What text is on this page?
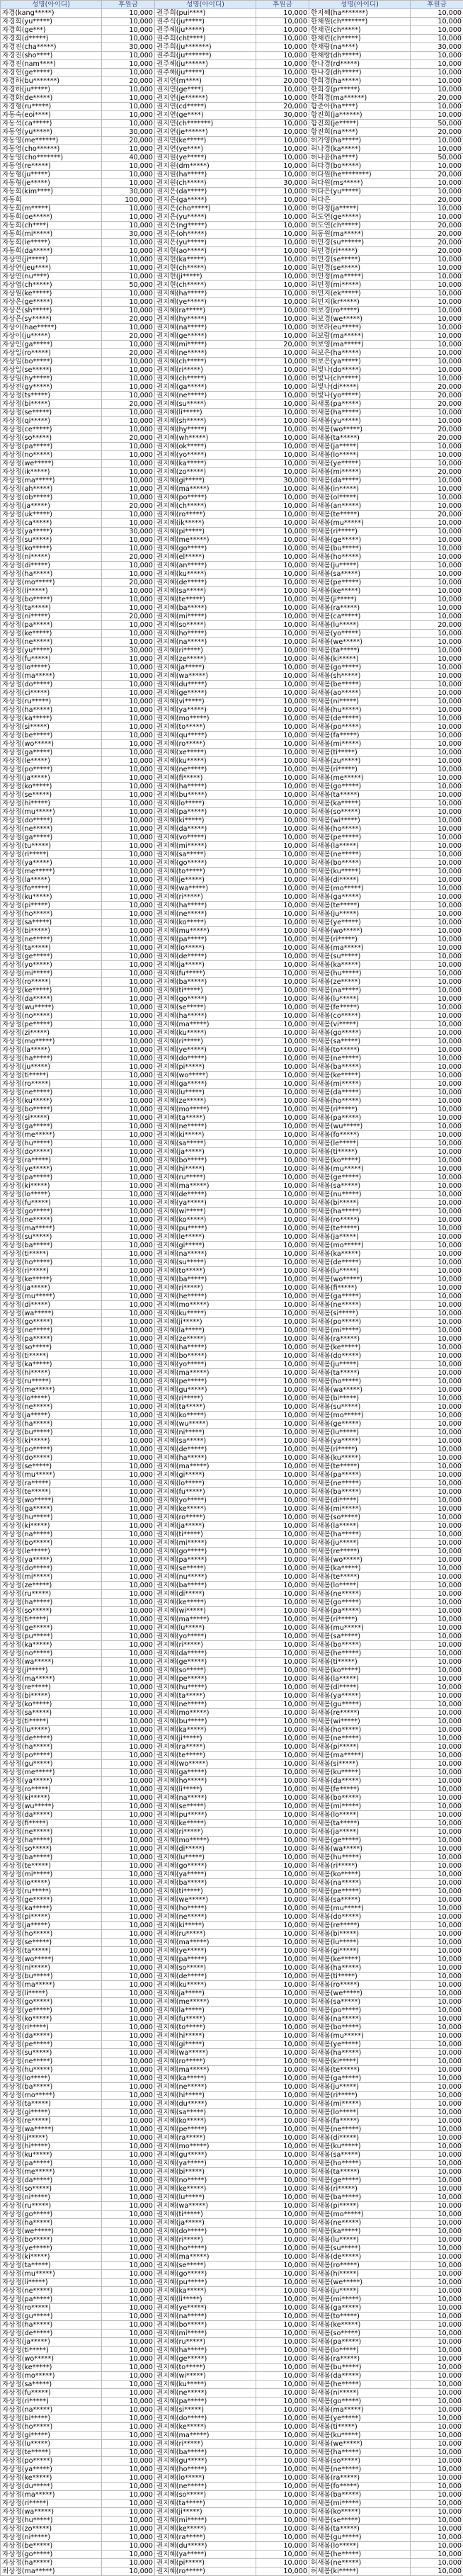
성명(아이디)	후원금	성명(아이디)	후원금	성명(아이디)	후원금
자경(kang*****)	10,000	권주희(pui****)	10,000	한지혜(ha*******)	10,000
자경희(yu*****)	10,000	권주식(ju*****)	10,000	한채원(ch*******)	10,000
자경희(ge***)	10,000	권주헤(ju*****)	10,000	한채린(ch*****)	10,000
자경희(d*****)	10,000	권주희(cht****)	10,000	한채린(ch*****)	10,000
자경진(cha*****)	30,000	권주희(ju*******)	10,000	한채랑(na****)	30,000
자경진(sho****)	10,000	권주희(ju*******)	10,000	한채랑(dh*****)	10,000
자경진(nam****)	10,000	권주헤(ju******)	10,000	한나경(rd*****)	10,000
자경헌(ge*****)	10,000	권주해(ju*****)	10,000	한나경(dh*****)	10,000
자경하(bu*******)	20,000	권지연(m****)	20,000	한희경(ha*****)	10,000
자경하(ju*****)	10,000	권지연(ge****)	10,000	한희경(pr*****)	10,000
자경화(de*****)	10,000	권지연(je******)	10,000	한희경(ma******)	20,000
자경형(ru*****)	10,000	권지연(cd*****)	20,000	함준아(ha****)	10,000
자동숙(eoi****)	10,000	권지연(ge****)	30,000	함진희(ja******)	10,000
자동석(ca*****)	10,000	권지연(ch*******)	10,000	함진희(je*****)	50,000
자동영(yu*****)	30,000	권지연(je******)	10,000	함진희(na****)	20,000
자동영(me******)	20,000	권지연(ke*****)	10,000	허가영(ha*****)	10,000
자동영(cho******)	10,000	권지연(ye****)	10,000	허나경(ka*****)	10,000
자동영(cho*******)	40,000	권지원(ye*****)	10,000	허나윤(ha****)	50,000
자동영(re*****)	10,000	권지원(dm*****)	10,000	허다경(bo*****)	10,000
자동형(ju*****)	10,000	권지원(ha*****)	10,000	허다원(he********)	20,000
자동형(je*****)	10,000	권지원(ch*****)	30,000	허다원(ms*****)	10,000
자동희(kim****)	30,000	권지은(da*****)	10,000	허다은(yu*****)	10,000
자동희	100,000	권지은(ga*****)	10,000	허다은	20,000
자동희(m*****)	10,000	권지은(cho*****)	10,000	허다정(ja*****)	10,000
자동희(oe*****)	10,000	권지은(yu*****)	10,000	허도연(ge*****)	10,000
자동희(ch****)	10,000	권지은(ng*****)	10,000	허도연(ch*****)	20,000
자동희(mi*****)	30,000	권지은(oh*****)	10,000	허동원(ma*****)	20,000
자동희(le*****)	10,000	권지은(yu*****)	10,000	허민경(su******)	20,000
자동희(da*****)	10,000	권지현(ao*****)	10,000	허민경(ri*****)	20,000
자상연(ji*****)	10,000	권지현(ka*****)	10,000	허민경(se*****)	10,000
자상연(jeu****)	10,000	권지현(ch*****)	10,000	허민경(se*****)	10,000
자상연(nu****)	10,000	권지현(ji*****)	10,000	허민정(ma*****)	10,000
자상엽(ch*****)	50,000	권지현(ch*****)	10,000	허민정(mi*****)	10,000
자상원(ke*****)	10,000	권지혜(ha*****)	10,000	허민지(ek*****)	10,000
자상은(ge*****)	10,000	권지혜(ye*****)	10,000	허민지(kr*****)	10,000
자상은(sh*****)	10,000	권지혜(ra*****)	10,000	허보경(ro*****)	10,000
자상은(sy*****)	20,000	권지혜(hy*****)	10,000	허보경(we*****)	10,000
자상이(hae*****)	10,000	권지혜(na*****)	10,000	허보라(eu*****)	10,000
자상이(ju*****)	20,000	권지혜(ge*****)	10,000	허보람(ma*****)	10,000
자상인(ga*****)	10,000	권지혜(mi*****)	20,000	허보영(ma*****)	10,000
자상일(ro*****)	20,000	권지혜(ne*****)	10,000	허보은(ha*****)	10,000
자상일(bo*****)	10,000	권지혜(ch*****)	10,000	허보은(ya*****)	10,000
자상일(se*****)	10,000	권지혜(ri*****)	10,000	허빛나(do*****)	10,000
자상임(hy*****)	10,000	권지혜(ch*****)	10,000	허빛나(ch*****)	10,000
자상전(gy*****)	10,000	권지혜(ga*****)	10,000	허빛나(di*****)	20,000
자상정(ts*****)	10,000	권지혜(ne*****)	10,000	허빛나(yo*****)	20,000
자상정(bi*****)	20,000	권지혜(su*****)	10,000	허새롬(pa*****)	20,000
자상정(se*****)	10,000	권지혜(li*****)	10,000	허새봄(ha*****)	10,000
자상정(qi*****)	10,000	권지혜(sh*****)	10,000	허새봄(yu*****)	10,000
자상정(ce*****)	10,000	권지혜(hy*****)	10,000	허새봄(wo*****)	20,000
자상정(so*****)	20,000	권지혜(wh*****)	10,000	허새봄(ta*****)	20,000
자상정(pa*****)	10,000	권지혜(ok*****)	10,000	허새봄(ja*****)	10,000
자상정(no*****)	10,000	권지혜(yo*****)	10,000	허새봄(lo*****)	10,000
자상정(we*****)	10,000	권지혜(ka*****)	10,000	허새봄(ye*****)	10,000
자상정(ik*****)	10,000	권지혜(zo*****)	10,000	허새봄(mi*****)	20,000
자상정(ma*****)	10,000	권지혜(gi*****)	30,000	허새봄(da*****)	10,000
자상정(ah*****)	10,000	권지혜(ma*****)	10,000	허새봄(in*****)	10,000
자상정(ob*****)	10,000	권지혜(po*****)	10,000	허새봄(ol*****)	10,000
자상정(ja*****)	20,000	권지혜(ch*****)	10,000	허새봄(an*****)	10,000
자상정(uk*****)	10,000	권지혜(ro*****)	10,000	허새봄(te*****)	20,000
자상정(ca*****)	10,000	권지혜(ik*****)	10,000	허새봄(mu*****)	10,000
자상정(ya*****)	30,000	권지혜(pi*****)	10,000	허새봄(ri*****)	10,000
자상정(su*****)	10,000	권지혜(me*****)	10,000	허새봄(ge*****)	10,000
자상정(ko*****)	10,000	권지혜(go*****)	10,000	허새봄(bu*****)	10,000
자상정(ni*****)	20,000	권지혜(el*****)	10,000	허새봄(ho*****)	10,000
자상정(di*****)	10,000	권지혜(an*****)	10,000	허새봄(ju*****)	10,000
자상정(ha*****)	10,000	권지혜(ku*****)	10,000	허새봄(sa*****)	10,000
자상정(mo*****)	20,000	권지혜(de*****)	10,000	허새봄(pe*****)	10,000
자상정(li*****)	10,000	권지혜(sa*****)	10,000	허새봄(ke*****)	10,000
자상정(bo*****)	10,000	권지혜(te*****)	10,000	허새봄(ji*****)	10,000
자상정(ta*****)	10,000	권지혜(ba*****)	10,000	허새봄(ra*****)	10,000
자상정(ni*****)	20,000	권지혜(mi*****)	10,000	허새봄(ca*****)	10,000
자상정(pa*****)	10,000	권지혜(so*****)	10,000	허새봄(lu*****)	20,000
자상정(ke*****)	10,000	권지혜(ho*****)	10,000	허새봄(yo*****)	10,000
자상정(ne*****)	10,000	권지혜(na*****)	10,000	허새봄(we*****)	10,000
자상정(yu*****)	30,000	권지혜(ri*****)	10,000	허새봄(ta*****)	10,000
자상정(fu*****)	10,000	권지혜(ze*****)	10,000	허새봄(ki*****)	10,000
자상정(lo*****)	10,000	권지혜(ja*****)	10,000	허새봄(go*****)	10,000
자상정(ma*****)	10,000	권지혜(wa*****)	10,000	허새봄(sh*****)	10,000
자상정(do*****)	10,000	권지혜(du*****)	10,000	허새봄(be*****)	10,000
자상정(ci*****)	10,000	권지혜(ge*****)	10,000	허새봄(ao*****)	10,000
자상정(ru*****)	10,000	권지혜(vi*****)	10,000	허새봄(ni*****)	10,000
자상정(ha*****)	10,000	권지혜(ya*****)	10,000	허새봄(hu*****)	10,000
자상정(ka*****)	10,000	권지혜(mo*****)	10,000	허새봄(de*****)	10,000
자상정(si*****)	10,000	권지혜(to*****)	10,000	허새봄(po*****)	10,000
자상정(be*****)	10,000	권지혜(qu*****)	10,000	허새봄(fa*****)	10,000
자상정(wo*****)	10,000	권지혜(ro*****)	10,000	허새봄(mi*****)	10,000
자상정(ga*****)	10,000	권지혜(xe*****)	10,000	허새봄(ti*****)	10,000
자상정(le*****)	10,000	권지혜(ku*****)	10,000	허새봄(zu*****)	10,000
자상정(po*****)	10,000	권지혜(ne*****)	10,000	허새봄(ri*****)	10,000
자상정(ja*****)	10,000	권지혜(fi*****)	10,000	허새봄(me*****)	10,000
자상정(ko*****)	10,000	권지혜(ha*****)	10,000	허새봄(go*****)	10,000
자상정(se*****)	10,000	권지혜(bu*****)	10,000	허새봄(ta*****)	10,000
자상정(hi*****)	10,000	권지혜(lo*****)	10,000	허새봄(ka*****)	10,000
자상정(mu*****)	10,000	권지혜(pa*****)	10,000	허새봄(so*****)	10,000
자상정(do*****)	10,000	권지혜(ki*****)	10,000	허새봄(wi*****)	10,000
자상정(ne*****)	10,000	권지혜(da*****)	10,000	허새봄(ho*****)	10,000
자상정(ga*****)	10,000	권지혜(vo*****)	10,000	허새봄(pe*****)	10,000
자상정(tu*****)	10,000	권지혜(mi*****)	10,000	허새봄(la*****)	10,000
자상정(ri*****)	10,000	권지혜(sa*****)	10,000	허새봄(ne*****)	10,000
자상정(ya*****)	10,000	권지혜(go*****)	10,000	허새봄(bo*****)	10,000
자상정(me*****)	10,000	권지혜(to*****)	10,000	허새봄(ku*****)	10,000
자상정(la*****)	10,000	권지혜(je*****)	10,000	허새봄(di*****)	10,000
자상정(fo*****)	10,000	권지혜(wa*****)	10,000	허새봄(mo*****)	10,000
자상정(ku*****)	10,000	권지혜(ri*****)	10,000	허새봄(ga*****)	10,000
자상정(pi*****)	10,000	권지혜(ha*****)	10,000	허새봄(te*****)	10,000
자상정(ho*****)	10,000	권지혜(ne*****)	10,000	허새봄(ju*****)	10,000
자상정(sa*****)	10,000	권지혜(ko*****)	10,000	허새봄(ye*****)	10,000
자상정(bi*****)	10,000	권지혜(mu*****)	10,000	허새봄(wo*****)	10,000
자상정(ne*****)	10,000	권지혜(pa*****)	10,000	허새봄(ri*****)	10,000
자상정(ta*****)	10,000	권지혜(lo*****)	10,000	허새봄(ma*****)	10,000
자상정(ge*****)	10,000	권지혜(de*****)	10,000	허새봄(su*****)	10,000
자상정(yo*****)	10,000	권지혜(ja*****)	10,000	허새봄(ka*****)	10,000
자상정(mi*****)	10,000	권지혜(fu*****)	10,000	허새봄(hu*****)	10,000
자상정(ro*****)	10,000	권지혜(ba*****)	10,000	허새봄(ze*****)	10,000
자상정(ke*****)	10,000	권지혜(ti*****)	10,000	허새봄(na*****)	10,000
자상정(da*****)	10,000	권지혜(go*****)	10,000	허새봄(lu*****)	10,000
자상정(wu*****)	10,000	권지혜(se*****)	10,000	허새봄(fe*****)	10,000
자상정(no*****)	10,000	권지혜(ha*****)	10,000	허새봄(co*****)	10,000
자상정(pe*****)	10,000	권지혜(ma*****)	10,000	허새봄(vi*****)	10,000
자상정(zi*****)	10,000	권지혜(ku*****)	10,000	허새봄(go*****)	10,000
자상정(mo*****)	10,000	권지혜(ri*****)	10,000	허새봄(sa*****)	10,000
자상정(la*****)	10,000	권지혜(ye*****)	10,000	허새봄(to*****)	10,000
자상정(ha*****)	10,000	권지혜(do*****)	10,000	허새봄(ne*****)	10,000
자상정(ju*****)	10,000	권지혜(pi*****)	10,000	허새봄(ba*****)	10,000
자상정(ti*****)	10,000	권지혜(wo*****)	10,000	허새봄(ke*****)	10,000
자상정(ro*****)	10,000	권지혜(ga*****)	10,000	허새봄(mi*****)	10,000
자상정(ne*****)	10,000	권지혜(lu*****)	10,000	허새봄(da*****)	10,000
자상정(ku*****)	10,000	권지혜(ze*****)	10,000	허새봄(ho*****)	10,000
자상정(bo*****)	10,000	권지혜(mo*****)	10,000	허새봄(ri*****)	10,000
자상정(si*****)	10,000	권지혜(ta*****)	10,000	허새봄(pa*****)	10,000
자상정(ga*****)	10,000	권지혜(ne*****)	10,000	허새봄(wu*****)	10,000
자상정(me*****)	10,000	권지혜(ki*****)	10,000	허새봄(fo*****)	10,000
자상정(hu*****)	10,000	권지혜(sa*****)	10,000	허새봄(le*****)	10,000
자상정(do*****)	10,000	권지혜(ja*****)	10,000	허새봄(ti*****)	10,000
자상정(ra*****)	10,000	권지혜(bo*****)	10,000	허새봄(ko*****)	10,000
자상정(ye*****)	10,000	권지혜(hi*****)	10,000	허새봄(mu*****)	10,000
자상정(pa*****)	10,000	권지혜(ru*****)	10,000	허새봄(ge*****)	10,000
자상정(ki*****)	10,000	권지혜(ma*****)	10,000	허새봄(sa*****)	10,000
자상정(lo*****)	10,000	권지혜(de*****)	10,000	허새봄(nu*****)	10,000
자상정(fu*****)	10,000	권지혜(ya*****)	10,000	허새봄(bi*****)	10,000
자상정(go*****)	10,000	권지혜(wi*****)	10,000	허새봄(ha*****)	10,000
자상정(ne*****)	10,000	권지혜(ko*****)	10,000	허새봄(ro*****)	10,000
자상정(ma*****)	10,000	권지혜(pu*****)	10,000	허새봄(te*****)	10,000
자상정(su*****)	10,000	권지혜(le*****)	10,000	허새봄(ja*****)	10,000
자상정(ba*****)	10,000	권지혜(gi*****)	10,000	허새봄(mo*****)	10,000
자상정(ti*****)	10,000	권지혜(na*****)	10,000	허새봄(ka*****)	10,000
자상정(ho*****)	10,000	권지혜(su*****)	10,000	허새봄(de*****)	10,000
자상정(ri*****)	10,000	권지혜(to*****)	10,000	허새봄(lu*****)	10,000
자상정(ke*****)	10,000	권지혜(ba*****)	10,000	허새봄(wo*****)	10,000
자상정(ja*****)	10,000	권지혜(ri*****)	10,000	허새봄(fi*****)	10,000
자상정(mu*****)	10,000	권지혜(he*****)	10,000	허새봄(ga*****)	10,000
자상정(di*****)	10,000	권지혜(mo*****)	10,000	허새봄(ne*****)	10,000
자상정(wa*****)	10,000	권지혜(ku*****)	10,000	허새봄(si*****)	10,000
자상정(go*****)	10,000	권지혜(ji*****)	10,000	허새봄(po*****)	10,000
자상정(ne*****)	10,000	권지혜(la*****)	10,000	허새봄(mi*****)	10,000
자상정(pa*****)	10,000	권지혜(ze*****)	10,000	허새봄(ra*****)	10,000
자상정(so*****)	10,000	권지혜(ha*****)	10,000	허새봄(ke*****)	10,000
자상정(ti*****)	10,000	권지혜(bo*****)	10,000	허새봄(do*****)	10,000
자상정(ka*****)	10,000	권지혜(yo*****)	10,000	허새봄(ju*****)	10,000
자상정(hi*****)	10,000	권지혜(ma*****)	10,000	허새봄(ta*****)	10,000
자상정(ru*****)	10,000	권지혜(pe*****)	10,000	허새봄(ho*****)	10,000
자상정(me*****)	10,000	권지혜(gu*****)	10,000	허새봄(wa*****)	10,000
자상정(lo*****)	10,000	권지혜(ri*****)	10,000	허새봄(bi*****)	10,000
자상정(ne*****)	10,000	권지혜(ta*****)	10,000	허새봄(su*****)	10,000
자상정(ja*****)	10,000	권지혜(ko*****)	10,000	허새봄(mo*****)	10,000
자상정(ha*****)	10,000	권지혜(wu*****)	10,000	허새봄(ge*****)	10,000
자상정(bu*****)	10,000	권지혜(ni*****)	10,000	허새봄(lu*****)	10,000
자상정(ki*****)	10,000	권지혜(sa*****)	10,000	허새봄(ya*****)	10,000
자상정(po*****)	10,000	권지혜(de*****)	10,000	허새봄(ri*****)	10,000
자상정(do*****)	10,000	권지혜(ha*****)	10,000	허새봄(ku*****)	10,000
자상정(se*****)	10,000	권지혜(ma*****)	10,000	허새봄(te*****)	10,000
자상정(mu*****)	10,000	권지혜(gi*****)	10,000	허새봄(pa*****)	10,000
자상정(ra*****)	10,000	권지혜(lo*****)	10,000	허새봄(ne*****)	10,000
자상정(te*****)	10,000	권지혜(fu*****)	10,000	허새봄(ba*****)	10,000
자상정(wo*****)	10,000	권지혜(yo*****)	10,000	허새봄(di*****)	10,000
자상정(ga*****)	10,000	권지혜(ke*****)	10,000	허새봄(mi*****)	10,000
자상정(hu*****)	10,000	권지혜(ro*****)	10,000	허새봄(so*****)	10,000
자상정(ki*****)	10,000	권지혜(ja*****)	10,000	허새봄(la*****)	10,000
자상정(na*****)	10,000	권지혜(ti*****)	10,000	허새봄(ha*****)	10,000
자상정(bo*****)	10,000	권지혜(mi*****)	10,000	허새봄(ju*****)	10,000
자상정(le*****)	10,000	권지혜(go*****)	10,000	허새봄(re*****)	10,000
자상정(ya*****)	10,000	권지혜(pa*****)	10,000	허새봄(wo*****)	10,000
자상정(do*****)	10,000	권지혜(se*****)	10,000	허새봄(ka*****)	10,000
자상정(mi*****)	10,000	권지혜(nu*****)	10,000	허새봄(te*****)	10,000
자상정(ze*****)	10,000	권지혜(ba*****)	10,000	허새봄(lo*****)	10,000
자상정(ru*****)	10,000	권지혜(di*****)	10,000	허새봄(ne*****)	10,000
자상정(ha*****)	10,000	권지혜(ke*****)	10,000	허새봄(go*****)	10,000
자상정(so*****)	10,000	권지혜(wi*****)	10,000	허새봄(pa*****)	10,000
자상정(ti*****)	10,000	권지혜(ma*****)	10,000	허새봄(ri*****)	10,000
자상정(ge*****)	10,000	권지혜(lu*****)	10,000	허새봄(mu*****)	10,000
자상정(pu*****)	10,000	권지혜(yo*****)	10,000	허새봄(sa*****)	10,000
자상정(ka*****)	10,000	권지혜(ri*****)	10,000	허새봄(bo*****)	10,000
자상정(no*****)	10,000	권지혜(da*****)	10,000	허새봄(he*****)	10,000
자상정(wa*****)	10,000	권지혜(ge*****)	10,000	허새봄(ti*****)	10,000
자상정(ji*****)	10,000	권지혜(so*****)	10,000	허새봄(ko*****)	10,000
자상정(ma*****)	10,000	권지혜(pe*****)	10,000	허새봄(la*****)	10,000
자상정(re*****)	10,000	권지혜(hu*****)	10,000	허새봄(di*****)	10,000
자상정(bi*****)	10,000	권지혜(ta*****)	10,000	허새봄(ya*****)	10,000
자상정(ko*****)	10,000	권지혜(ne*****)	10,000	허새봄(gu*****)	10,000
자상정(sa*****)	10,000	권지혜(mo*****)	10,000	허새봄(re*****)	10,000
자상정(ti*****)	10,000	권지혜(bu*****)	10,000	허새봄(wi*****)	10,000
자상정(lu*****)	10,000	권지혜(ka*****)	10,000	허새봄(ho*****)	10,000
자상정(de*****)	10,000	권지혜(ji*****)	10,000	허새봄(ne*****)	10,000
자상정(ha*****)	10,000	권지혜(ra*****)	10,000	허새봄(pi*****)	10,000
자상정(po*****)	10,000	권지혜(te*****)	10,000	허새봄(ma*****)	10,000
자상정(gu*****)	10,000	권지혜(wo*****)	10,000	허새봄(si*****)	10,000
자상정(me*****)	10,000	권지혜(ga*****)	10,000	허새봄(ku*****)	10,000
자상정(ya*****)	10,000	권지혜(ho*****)	10,000	허새봄(da*****)	10,000
자상정(ro*****)	10,000	권지혜(li*****)	10,000	허새봄(fe*****)	10,000
자상정(ki*****)	10,000	권지혜(na*****)	10,000	허새봄(bo*****)	10,000
자상정(wu*****)	10,000	권지혜(se*****)	10,000	허새봄(mi*****)	10,000
자상정(da*****)	10,000	권지혜(pu*****)	10,000	허새봄(lo*****)	10,000
자상정(fi*****)	10,000	권지혜(ke*****)	10,000	허새봄(ta*****)	10,000
자상정(ne*****)	10,000	권지혜(ri*****)	10,000	허새봄(ja*****)	10,000
자상정(ha*****)	10,000	권지혜(mo*****)	10,000	허새봄(ge*****)	10,000
자상정(so*****)	10,000	권지혜(di*****)	10,000	허새봄(wa*****)	10,000
자상정(ba*****)	10,000	권지혜(lu*****)	10,000	허새봄(hu*****)	10,000
자상정(te*****)	10,000	권지혜(go*****)	10,000	허새봄(ri*****)	10,000
자상정(mi*****)	10,000	권지혜(ya*****)	10,000	허새봄(ko*****)	10,000
자상정(lo*****)	10,000	권지혜(ba*****)	10,000	허새봄(na*****)	10,000
자상정(ru*****)	10,000	권지혜(ti*****)	10,000	허새봄(pe*****)	10,000
자상정(ge*****)	10,000	권지혜(we*****)	10,000	허새봄(sa*****)	10,000
자상정(ka*****)	10,000	권지혜(ho*****)	10,000	허새봄(mu*****)	10,000
자상정(pi*****)	10,000	권지혜(ne*****)	10,000	허새봄(do*****)	10,000
자상정(ja*****)	10,000	권지혜(ki*****)	10,000	허새봄(re*****)	10,000
자상정(ho*****)	10,000	권지혜(ru*****)	10,000	허새봄(bi*****)	10,000
자상정(se*****)	10,000	권지혜(ma*****)	10,000	허새봄(lu*****)	10,000
자상정(ta*****)	10,000	권지혜(ye*****)	10,000	허새봄(gi*****)	10,000
자상정(wo*****)	10,000	권지혜(pa*****)	10,000	허새봄(ke*****)	10,000
자상정(ni*****)	10,000	권지혜(so*****)	10,000	허새봄(ha*****)	10,000
자상정(bu*****)	10,000	권지혜(de*****)	10,000	허새봄(ti*****)	10,000
자상정(ma*****)	10,000	권지혜(ku*****)	10,000	허새봄(ro*****)	10,000
자상정(li*****)	10,000	권지혜(ja*****)	10,000	허새봄(we*****)	10,000
자상정(go*****)	10,000	권지혜(me*****)	10,000	허새봄(sa*****)	10,000
자상정(ye*****)	10,000	권지혜(la*****)	10,000	허새봄(po*****)	10,000
자상정(ko*****)	10,000	권지혜(fu*****)	10,000	허새봄(na*****)	10,000
자상정(ri*****)	10,000	권지혜(to*****)	10,000	허새봄(bo*****)	10,000
자상정(da*****)	10,000	권지혜(hi*****)	10,000	허새봄(mu*****)	10,000
자상정(pe*****)	10,000	권지혜(gi*****)	10,000	허새봄(ye*****)	10,000
자상정(su*****)	10,000	권지혜(wa*****)	10,000	허새봄(ha*****)	10,000
자상정(ne*****)	10,000	권지혜(ro*****)	10,000	허새봄(ki*****)	10,000
자상정(hu*****)	10,000	권지혜(ma*****)	10,000	허새봄(te*****)	10,000
자상정(lo*****)	10,000	권지혜(ka*****)	10,000	허새봄(ga*****)	10,000
자상정(ba*****)	10,000	권지혜(ne*****)	10,000	허새봄(ju*****)	10,000
자상정(mo*****)	10,000	권지혜(hi*****)	10,000	허새봄(ri*****)	10,000
자상정(ta*****)	10,000	권지혜(du*****)	10,000	허새봄(mi*****)	10,000
자상정(gi*****)	10,000	권지혜(sa*****)	10,000	허새봄(lo*****)	10,000
자상정(re*****)	10,000	권지혜(ko*****)	10,000	허새봄(fa*****)	10,000
자상정(wa*****)	10,000	권지혜(pe*****)	10,000	허새봄(ne*****)	10,000
자상정(ji*****)	10,000	권지혜(ra*****)	10,000	허새봄(di*****)	10,000
자상정(hi*****)	10,000	권지혜(mo*****)	10,000	허새봄(ku*****)	10,000
자상정(ku*****)	10,000	권지혜(gu*****)	10,000	허새봄(sa*****)	10,000
자상정(pa*****)	10,000	권지혜(ya*****)	10,000	허새봄(ho*****)	10,000
자상정(me*****)	10,000	권지혜(bi*****)	10,000	허새봄(ta*****)	10,000
자상정(da*****)	10,000	권지혜(no*****)	10,000	허새봄(ge*****)	10,000
자상정(so*****)	10,000	권지혜(ke*****)	10,000	허새봄(ri*****)	10,000
자상정(ni*****)	10,000	권지혜(lu*****)	10,000	허새봄(ba*****)	10,000
자상정(ru*****)	10,000	권지혜(wa*****)	10,000	허새봄(pi*****)	10,000
자상정(go*****)	10,000	권지혜(ti*****)	10,000	허새봄(mo*****)	10,000
자상정(ha*****)	10,000	권지혜(ja*****)	10,000	허새봄(ne*****)	10,000
자상정(we*****)	10,000	권지혜(do*****)	10,000	허새봄(ka*****)	10,000
자상정(bo*****)	10,000	권지혜(ri*****)	10,000	허새봄(lu*****)	10,000
자상정(ye*****)	10,000	권지혜(ho*****)	10,000	허새봄(su*****)	10,000
자상정(ki*****)	10,000	권지혜(ma*****)	10,000	허새봄(de*****)	10,000
자상정(ta*****)	10,000	권지혜(se*****)	10,000	허새봄(ro*****)	10,000
자상정(mu*****)	10,000	권지혜(go*****)	10,000	허새봄(hi*****)	10,000
자상정(li*****)	10,000	권지혜(pu*****)	10,000	허새봄(we*****)	10,000
자상정(ne*****)	10,000	권지혜(ka*****)	10,000	허새봄(ju*****)	10,000
자상정(pa*****)	10,000	권지혜(li*****)	10,000	허새봄(mi*****)	10,000
자상정(ro*****)	10,000	권지혜(ye*****)	10,000	허새봄(ga*****)	10,000
자상정(gu*****)	10,000	권지혜(na*****)	10,000	허새봄(to*****)	10,000
자상정(ha*****)	10,000	권지혜(bo*****)	10,000	허새봄(ke*****)	10,000
자상정(de*****)	10,000	권지혜(mi*****)	10,000	허새봄(so*****)	10,000
자상정(ja*****)	10,000	권지혜(ru*****)	10,000	허새봄(pa*****)	10,000
자상정(ti*****)	10,000	권지혜(ha*****)	10,000	허새봄(lo*****)	10,000
자상정(wo*****)	10,000	권지혜(ge*****)	10,000	허새봄(ra*****)	10,000
자상정(ke*****)	10,000	권지혜(to*****)	10,000	허새봄(bu*****)	10,000
자상정(mo*****)	10,000	권지혜(wi*****)	10,000	허새봄(da*****)	10,000
자상정(sa*****)	10,000	권지혜(ku*****)	10,000	허새봄(he*****)	10,000
자상정(fu*****)	10,000	권지혜(ne*****)	10,000	허새봄(ni*****)	10,000
자상정(ri*****)	10,000	권지혜(pa*****)	10,000	허새봄(go*****)	10,000
자상정(na*****)	10,000	권지혜(si*****)	10,000	허새봄(ma*****)	10,000
자상정(bi*****)	10,000	권지혜(do*****)	10,000	허새봄(ye*****)	10,000
자상정(ho*****)	10,000	권지혜(ke*****)	10,000	허새봄(ti*****)	10,000
자상정(gi*****)	10,000	권지혜(ma*****)	10,000	허새봄(ku*****)	10,000
자상정(lu*****)	10,000	권지혜(ri*****)	10,000	허새봄(we*****)	10,000
자상정(te*****)	10,000	권지혜(ba*****)	10,000	허새봄(ha*****)	10,000
자상정(po*****)	10,000	권지혜(gu*****)	10,000	허새봄(so*****)	10,000
자상정(ya*****)	10,000	권지혜(ho*****)	10,000	허새봄(ne*****)	10,000
자상정(ke*****)	10,000	권지혜(lo*****)	10,000	허새봄(ra*****)	10,000
자상정(du*****)	10,000	권지혜(ne*****)	10,000	허새봄(fo*****)	10,000
자상정(ma*****)	10,000	권지혜(so*****)	10,000	허새봄(ba*****)	10,000
자상정(ri*****)	10,000	권지혜(ta*****)	10,000	허새봄(mi*****)	10,000
자상정(wa*****)	10,000	권지혜(ji*****)	10,000	허새봄(ko*****)	10,000
자상정(hu*****)	10,000	권지혜(mi*****)	10,000	허새봄(se*****)	10,000
자상정(zo*****)	10,000	권지혜(ke*****)	10,000	허새봄(ta*****)	10,000
자상정(ni*****)	10,000	권지혜(ra*****)	10,000	허새봄(gu*****)	10,000
자상정(be*****)	10,000	권지혜(du*****)	10,000	허새봄(lo*****)	10,000
자상정(go*****)	10,000	권지혜(ya*****)	10,000	허새봄(he*****)	10,000
자상정(ha*****)	10,000	권지혜(pi*****)	10,000	허새봄(ne*****)	10,000
최상정(ma*****)	10,000	권지혜(ro*****)	10,000	허새봄(ki*****)	10,000
